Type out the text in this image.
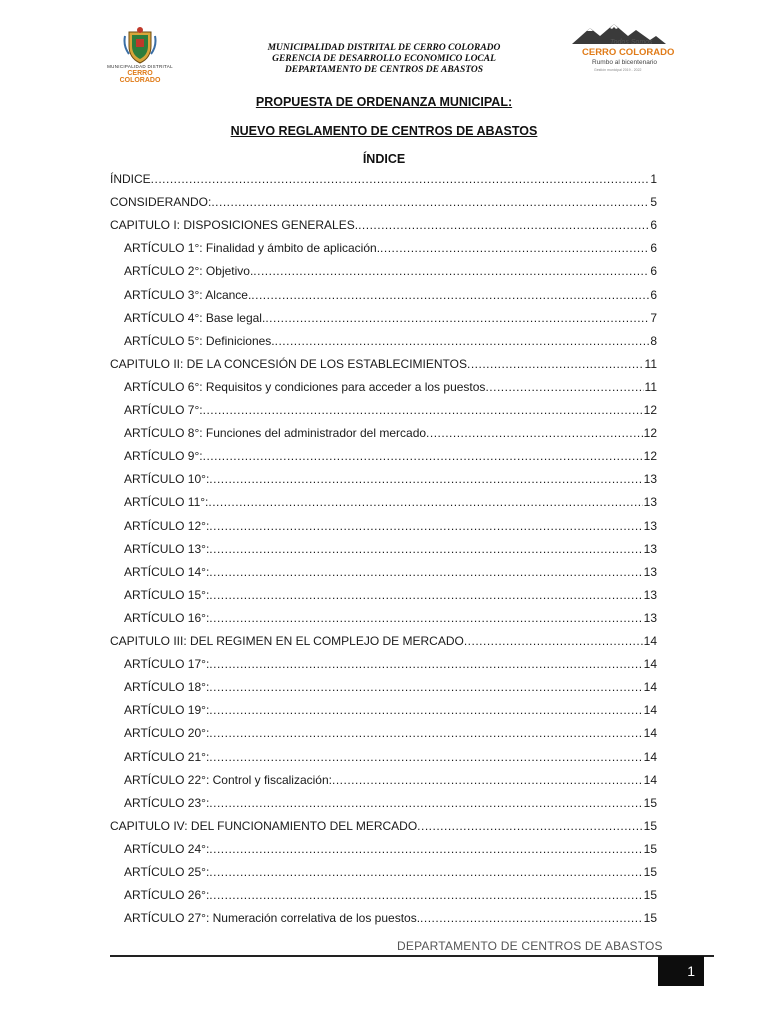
MUNICIPALIDAD DISTRITAL
CERRO COLORADO
MUNICIPALIDAD DISTRITAL DE CERRO COLORADO
GERENCIA DE DESARROLLO ECONOMICO LOCAL
DEPARTAMENTO DE CENTROS DE ABASTOS
Todos Somos
CERRO COLORADO
Rumbo al bicentenario
Gestión municipal 2019 - 2022
PROPUESTA DE ORDENANZA MUNICIPAL:
NUEVO REGLAMENTO DE CENTROS DE ABASTOS
ÍNDICE
ÍNDICE .....	1
CONSIDERANDO: .....	5
CAPITULO I: DISPOSICIONES GENERALES. .....	6
ARTÍCULO 1°: Finalidad y ámbito de aplicación. .....	6
ARTÍCULO 2°: Objetivo. .....	6
ARTÍCULO 3°: Alcance. .....	6
ARTÍCULO 4°: Base legal. .....	7
ARTÍCULO 5°: Definiciones. .....	8
CAPITULO II: DE LA CONCESIÓN DE LOS ESTABLECIMIENTOS .....	11
ARTÍCULO 6°: Requisitos y condiciones para acceder a los puestos .....	11
ARTÍCULO 7°: .....	12
ARTÍCULO 8°: Funciones del administrador del mercado .....	12
ARTÍCULO 9°: .....	12
ARTÍCULO 10°: .....	13
ARTÍCULO 11°: .....	13
ARTÍCULO 12°: .....	13
ARTÍCULO 13°: .....	13
ARTÍCULO 14°: .....	13
ARTÍCULO 15°: .....	13
ARTÍCULO 16°: .....	13
CAPITULO III: DEL REGIMEN EN EL COMPLEJO DE MERCADO .....	14
ARTÍCULO 17°: .....	14
ARTÍCULO 18°: .....	14
ARTÍCULO 19°: .....	14
ARTÍCULO 20°: .....	14
ARTÍCULO 21°: .....	14
ARTÍCULO 22°: Control y fiscalización: .....	14
ARTÍCULO 23°: .....	15
CAPITULO IV: DEL FUNCIONAMIENTO DEL MERCADO .....	15
ARTÍCULO 24°: .....	15
ARTÍCULO 25°: .....	15
ARTÍCULO 26°: .....	15
ARTÍCULO 27°: Numeración correlativa de los puestos. .....	15
DEPARTAMENTO DE CENTROS DE ABASTOS
1
